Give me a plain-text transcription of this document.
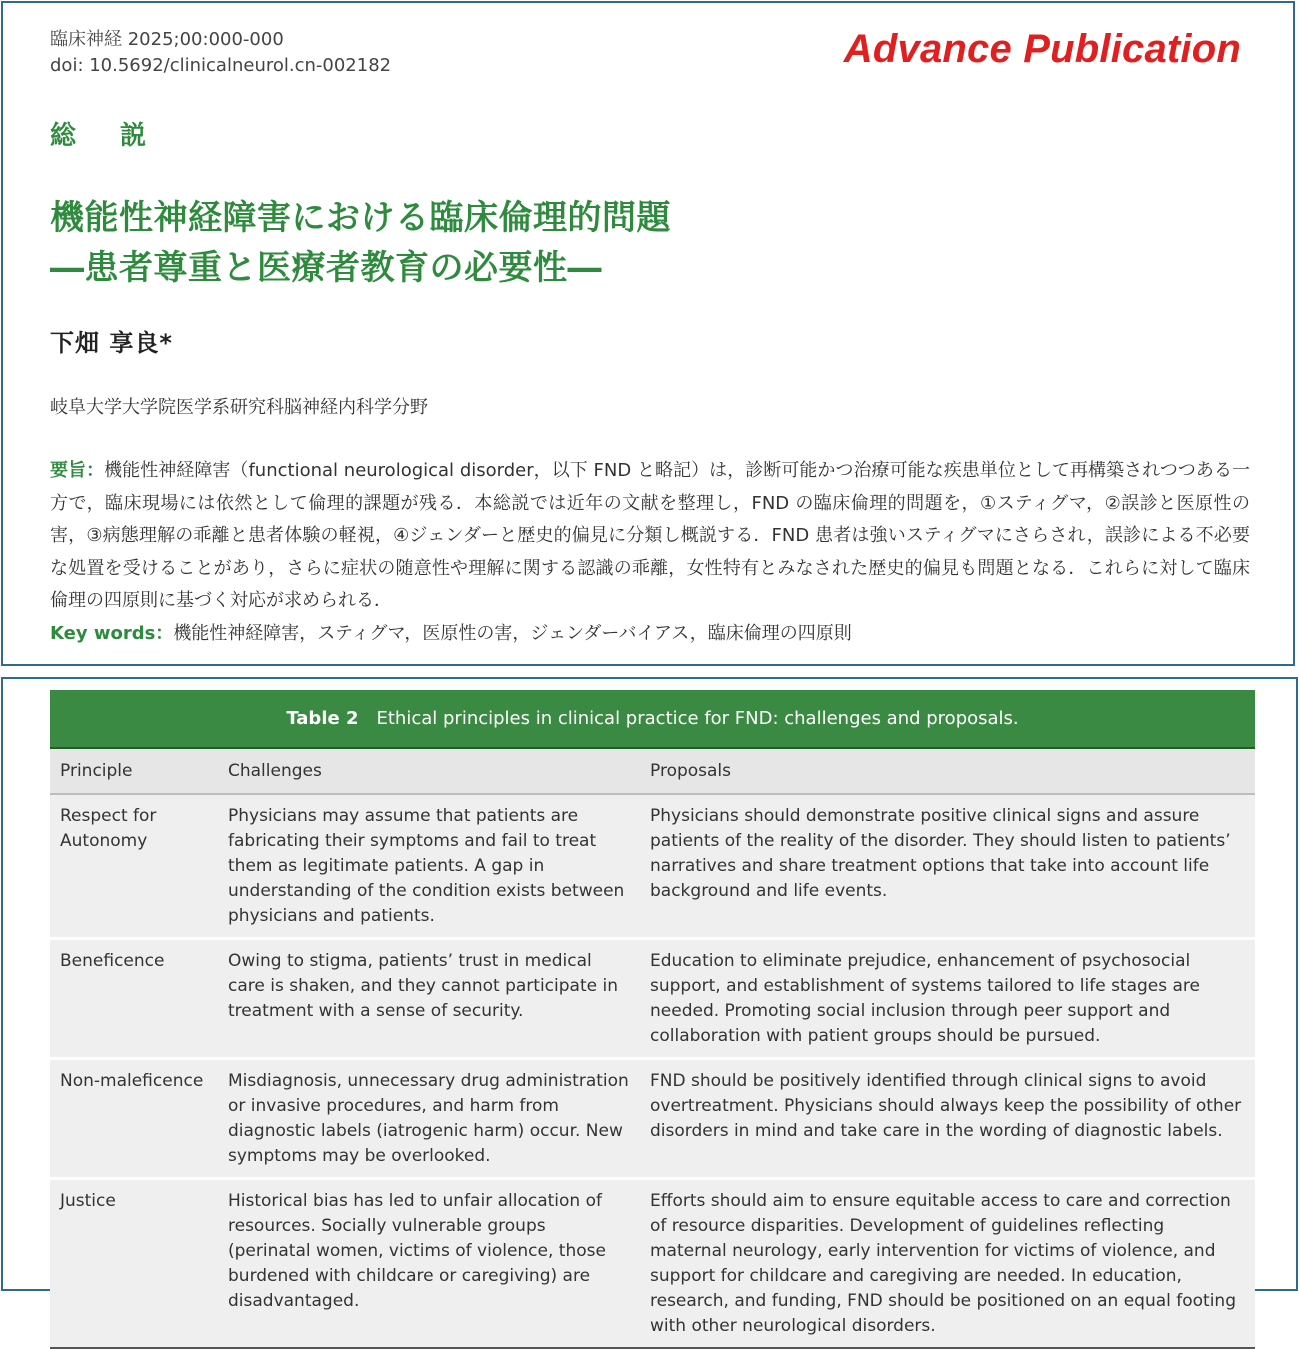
臨床神経 2025;00:000-000
doi: 10.5692/clinicalneurol.cn-002182	Advance Publication
総説
機能性神経障害における臨床倫理的問題
―患者尊重と医療者教育の必要性―
下畑 享良*
岐阜大学大学院医学系研究科脳神経内科学分野
要旨：機能性神経障害（functional neurological disorder，以下 FND と略記）は，診断可能かつ治療可能な疾患単位として再構築されつつある一方で，臨床現場には依然として倫理的課題が残る．本総説では近年の文献を整理し，FND の臨床倫理的問題を，①スティグマ，②誤診と医原性の害，③病態理解の乖離と患者体験の軽視，④ジェンダーと歴史的偏見に分類し概説する．FND 患者は強いスティグマにさらされ，誤診による不必要な処置を受けることがあり，さらに症状の随意性や理解に関する認識の乖離，女性特有とみなされた歴史的偏見も問題となる．これらに対して臨床倫理の四原則に基づく対応が求められる．
Key words：機能性神経障害，スティグマ，医原性の害，ジェンダーバイアス，臨床倫理の四原則
Table 2 Ethical principles in clinical practice for FND: challenges and proposals.
Principle	Challenges	Proposals
Respect for Autonomy	Physicians may assume that patients are fabricating their symptoms and fail to treat them as legitimate patients. A gap in understanding of the condition exists between physicians and patients.	Physicians should demonstrate positive clinical signs and assure patients of the reality of the disorder. They should listen to patients’ narratives and share treatment options that take into account life background and life events.
Beneficence	Owing to stigma, patients’ trust in medical care is shaken, and they cannot participate in treatment with a sense of security.	Education to eliminate prejudice, enhancement of psychosocial support, and establishment of systems tailored to life stages are needed. Promoting social inclusion through peer support and collaboration with patient groups should be pursued.
Non-maleficence	Misdiagnosis, unnecessary drug administration or invasive procedures, and harm from diagnostic labels (iatrogenic harm) occur. New symptoms may be overlooked.	FND should be positively identified through clinical signs to avoid overtreatment. Physicians should always keep the possibility of other disorders in mind and take care in the wording of diagnostic labels.
Justice	Historical bias has led to unfair allocation of resources. Socially vulnerable groups (perinatal women, victims of violence, those burdened with childcare or caregiving) are disadvantaged.	Efforts should aim to ensure equitable access to care and correction of resource disparities. Development of guidelines reflecting maternal neurology, early intervention for victims of violence, and support for childcare and caregiving are needed. In education, research, and funding, FND should be positioned on an equal footing with other neurological disorders.
